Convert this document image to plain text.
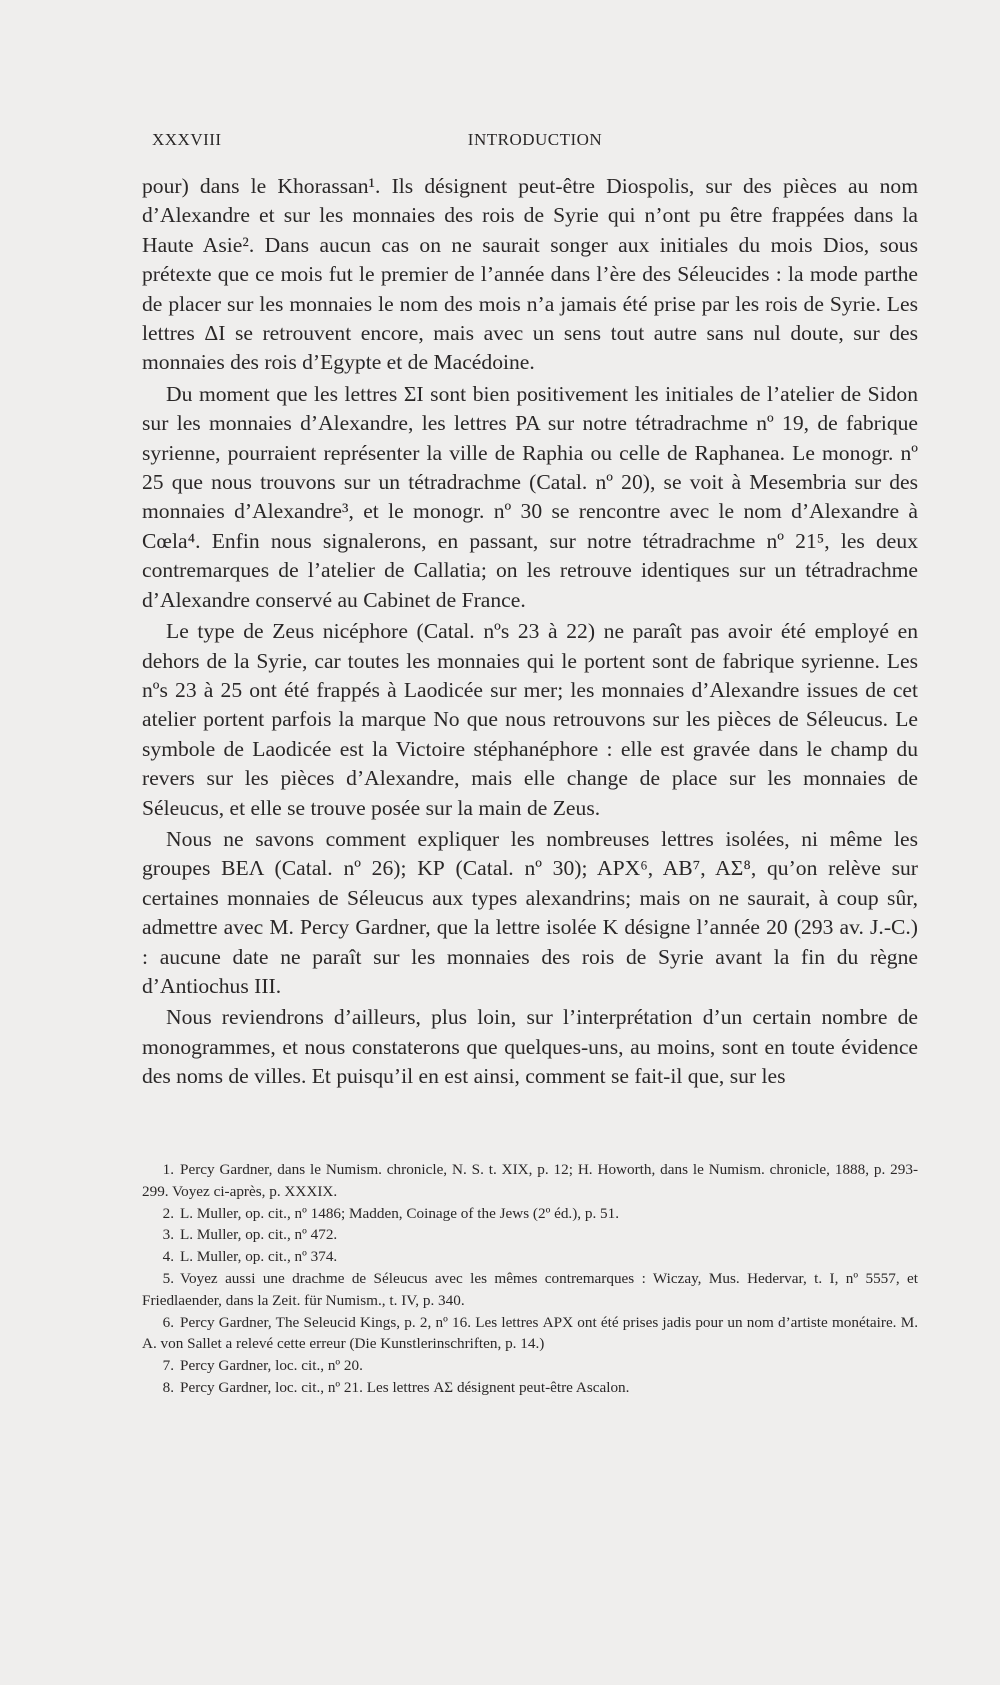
XXXVIII	INTRODUCTION

pour) dans le Khorassan¹. Ils désignent peut-être Diospolis, sur des pièces au nom d’Alexandre et sur les monnaies des rois de Syrie qui n’ont pu être frappées dans la Haute Asie². Dans aucun cas on ne saurait songer aux initiales du mois Dios, sous prétexte que ce mois fut le premier de l’année dans l’ère des Séleucides : la mode parthe de placer sur les monnaies le nom des mois n’a jamais été prise par les rois de Syrie. Les lettres ΔΙ se retrouvent encore, mais avec un sens tout autre sans nul doute, sur des monnaies des rois d’Egypte et de Macédoine.

Du moment que les lettres ΣΙ sont bien positivement les initiales de l’atelier de Sidon sur les monnaies d’Alexandre, les lettres ΡΑ sur notre tétradrachme nº 19, de fabrique syrienne, pourraient représenter la ville de Raphia ou celle de Raphanea. Le monogr. nº 25 que nous trouvons sur un tétradrachme (Catal. nº 20), se voit à Mesembria sur des monnaies d’Alexandre³, et le monogr. nº 30 se rencontre avec le nom d’Alexandre à Cœla⁴. Enfin nous signalerons, en passant, sur notre tétradrachme nº 21⁵, les deux contremarques de l’atelier de Callatia; on les retrouve identiques sur un tétradrachme d’Alexandre conservé au Cabinet de France.

Le type de Zeus nicéphore (Catal. nºs 23 à 22) ne paraît pas avoir été employé en dehors de la Syrie, car toutes les monnaies qui le portent sont de fabrique syrienne. Les nºs 23 à 25 ont été frappés à Laodicée sur mer; les monnaies d’Alexandre issues de cet atelier portent parfois la marque Νο que nous retrouvons sur les pièces de Séleucus. Le symbole de Laodicée est la Victoire stéphanéphore : elle est gravée dans le champ du revers sur les pièces d’Alexandre, mais elle change de place sur les monnaies de Séleucus, et elle se trouve posée sur la main de Zeus.

Nous ne savons comment expliquer les nombreuses lettres isolées, ni même les groupes ΒΕΛ (Catal. nº 26); ΚΡ (Catal. nº 30); ΑΡΧ⁶, ΑΒ⁷, ΑΣ⁸, qu’on relève sur certaines monnaies de Séleucus aux types alexandrins; mais on ne saurait, à coup sûr, admettre avec M. Percy Gardner, que la lettre isolée Κ désigne l’année 20 (293 av. J.-C.) : aucune date ne paraît sur les monnaies des rois de Syrie avant la fin du règne d’Antiochus III.

Nous reviendrons d’ailleurs, plus loin, sur l’interprétation d’un certain nombre de monogrammes, et nous constaterons que quelques-uns, au moins, sont en toute évidence des noms de villes. Et puisqu’il en est ainsi, comment se fait-il que, sur les

1. Percy Gardner, dans le Numism. chronicle, N. S. t. XIX, p. 12; H. Howorth, dans le Numism. chronicle, 1888, p. 293-299. Voyez ci-après, p. XXXIX.
2. L. Muller, op. cit., nº 1486; Madden, Coinage of the Jews (2º éd.), p. 51.
3. L. Muller, op. cit., nº 472.
4. L. Muller, op. cit., nº 374.
5. Voyez aussi une drachme de Séleucus avec les mêmes contremarques : Wiczay, Mus. Hedervar, t. I, nº 5557, et Friedlaender, dans la Zeit. für Numism., t. IV, p. 340.
6. Percy Gardner, The Seleucid Kings, p. 2, nº 16. Les lettres ΑΡΧ ont été prises jadis pour un nom d’artiste monétaire. M. A. von Sallet a relevé cette erreur (Die Kunstlerinschriften, p. 14.)
7. Percy Gardner, loc. cit., nº 20.
8. Percy Gardner, loc. cit., nº 21. Les lettres ΑΣ désignent peut-être Ascalon.
